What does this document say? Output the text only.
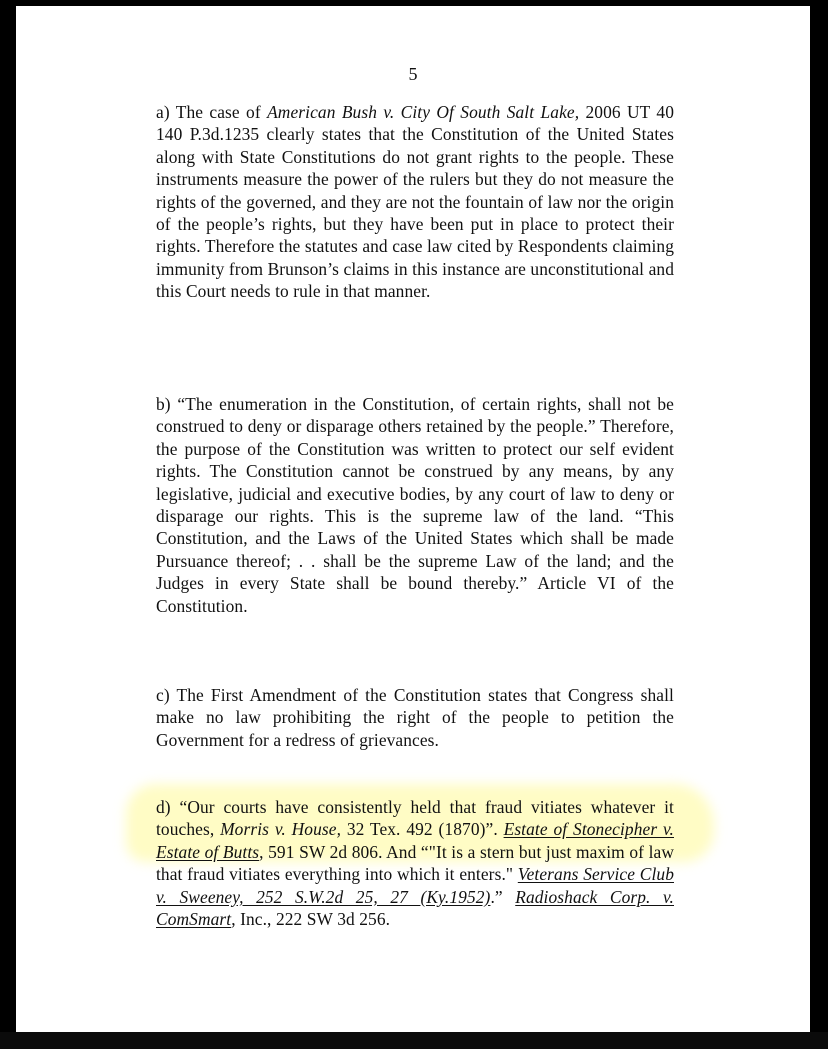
5

a) The case of American Bush v. City Of South Salt Lake, 2006 UT 40 140 P.3d.1235 clearly states that the Constitution of the United States along with State Constitutions do not grant rights to the people. These instruments measure the power of the rulers but they do not measure the rights of the governed, and they are not the fountain of law nor the origin of the people’s rights, but they have been put in place to protect their rights. Therefore the statutes and case law cited by Respondents claiming immunity from Brunson’s claims in this instance are unconstitutional and this Court needs to rule in that manner.

b) “The enumeration in the Constitution, of certain rights, shall not be construed to deny or disparage others retained by the people.” Therefore, the purpose of the Constitution was written to protect our self evident rights. The Constitution cannot be construed by any means, by any legislative, judicial and executive bodies, by any court of law to deny or disparage our rights. This is the supreme law of the land. “This Constitution, and the Laws of the United States which shall be made Pursuance thereof; . . shall be the supreme Law of the land; and the Judges in every State shall be bound thereby.” Article VI of the Constitution.

c) The First Amendment of the Constitution states that Congress shall make no law prohibiting the right of the people to petition the Government for a redress of grievances.

d) “Our courts have consistently held that fraud vitiates whatever it touches, Morris v. House, 32 Tex. 492 (1870)”. Estate of Stonecipher v. Estate of Butts, 591 SW 2d 806. And “"It is a stern but just maxim of law that fraud vitiates everything into which it enters." Veterans Service Club v. Sweeney, 252 S.W.2d 25, 27 (Ky.1952).” Radioshack Corp. v. ComSmart, Inc., 222 SW 3d 256.
